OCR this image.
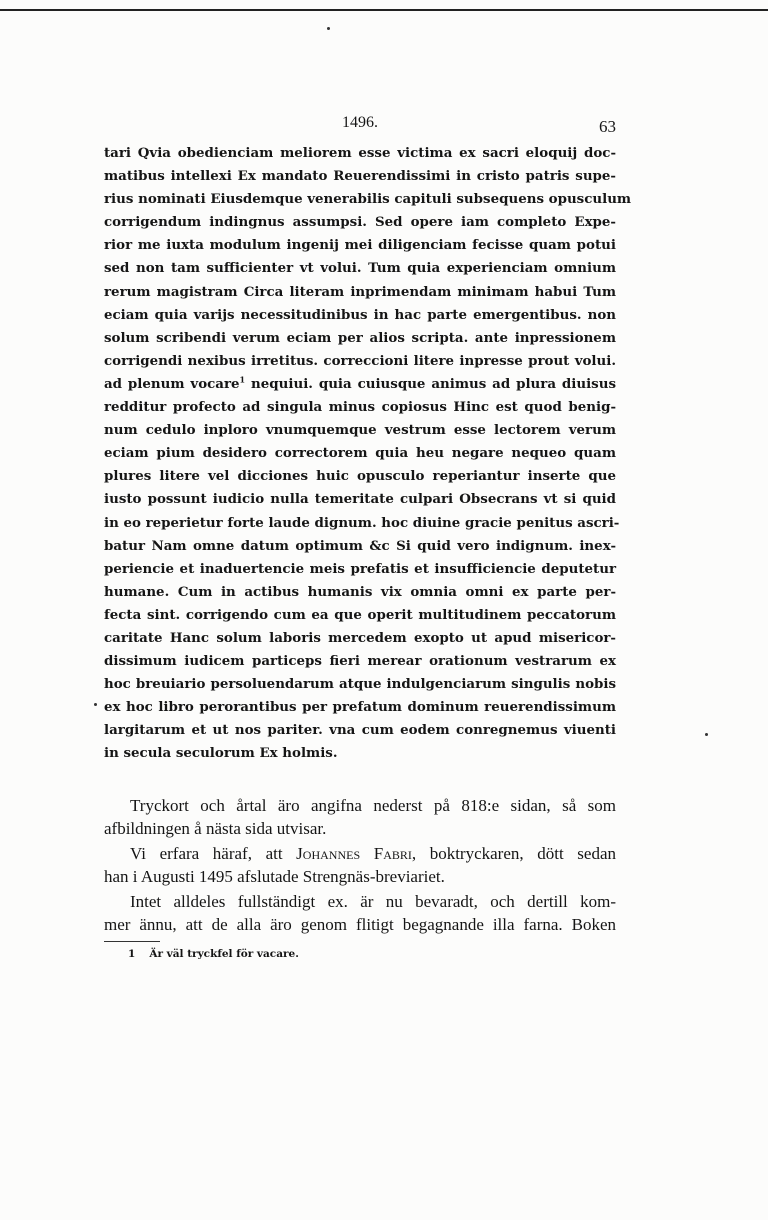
1496.	63
tari Qvia obedienciam meliorem esse victima ex sacri eloquij doc-
matibus intellexi Ex mandato Reuerendissimi in cristo patris supe-
rius nominati Eiusdemque venerabilis capituli subsequens opusculum
corrigendum indingnus assumpsi. Sed opere iam completo Expe-
rior me iuxta modulum ingenij mei diligenciam fecisse quam potui
sed non tam sufficienter vt volui. Tum quia experienciam omnium
rerum magistram Circa literam inprimendam minimam habui Tum
eciam quia varijs necessitudinibus in hac parte emergentibus. non
solum scribendi verum eciam per alios scripta. ante inpressionem
corrigendi nexibus irretitus. correccioni litere inpresse prout volui.
ad plenum vocare$^1$ nequiui. quia cuiusque animus ad plura diuisus
redditur profecto ad singula minus copiosus Hinc est quod benig-
num cedulo inploro vnumquemque vestrum esse lectorem verum
eciam pium desidero correctorem quia heu negare nequeo quam
plures litere vel dicciones huic opusculo reperiantur inserte que
iusto possunt iudicio nulla temeritate culpari Obsecrans vt si quid
in eo reperietur forte laude dignum. hoc diuine gracie penitus ascri-
batur Nam omne datum optimum &c Si quid vero indignum. inex-
periencie et inaduertencie meis prefatis et insufficiencie deputetur
humane. Cum in actibus humanis vix omnia omni ex parte per-
fecta sint. corrigendo cum ea que operit multitudinem peccatorum
caritate Hanc solum laboris mercedem exopto ut apud misericor-
dissimum iudicem particeps fieri merear orationum vestrarum ex
hoc breuiario persoluendarum atque indulgenciarum singulis nobis
ex hoc libro perorantibus per prefatum dominum reuerendissimum
largitarum et ut nos pariter. vna cum eodem conregnemus viuenti
in secula seculorum Ex holmis.
Tryckort och årtal äro angifna nederst på 818:e sidan, så som
afbildningen å nästa sida utvisar.
Vi erfara häraf, att Johannes Fabri, boktryckaren, dött sedan
han i Augusti 1495 afslutade Strengnäs-breviariet.
Intet alldeles fullständigt ex. är nu bevaradt, och dertill kom-
mer ännu, att de alla äro genom flitigt begagnande illa farna. Boken
1 Är väl tryckfel för vacare.
